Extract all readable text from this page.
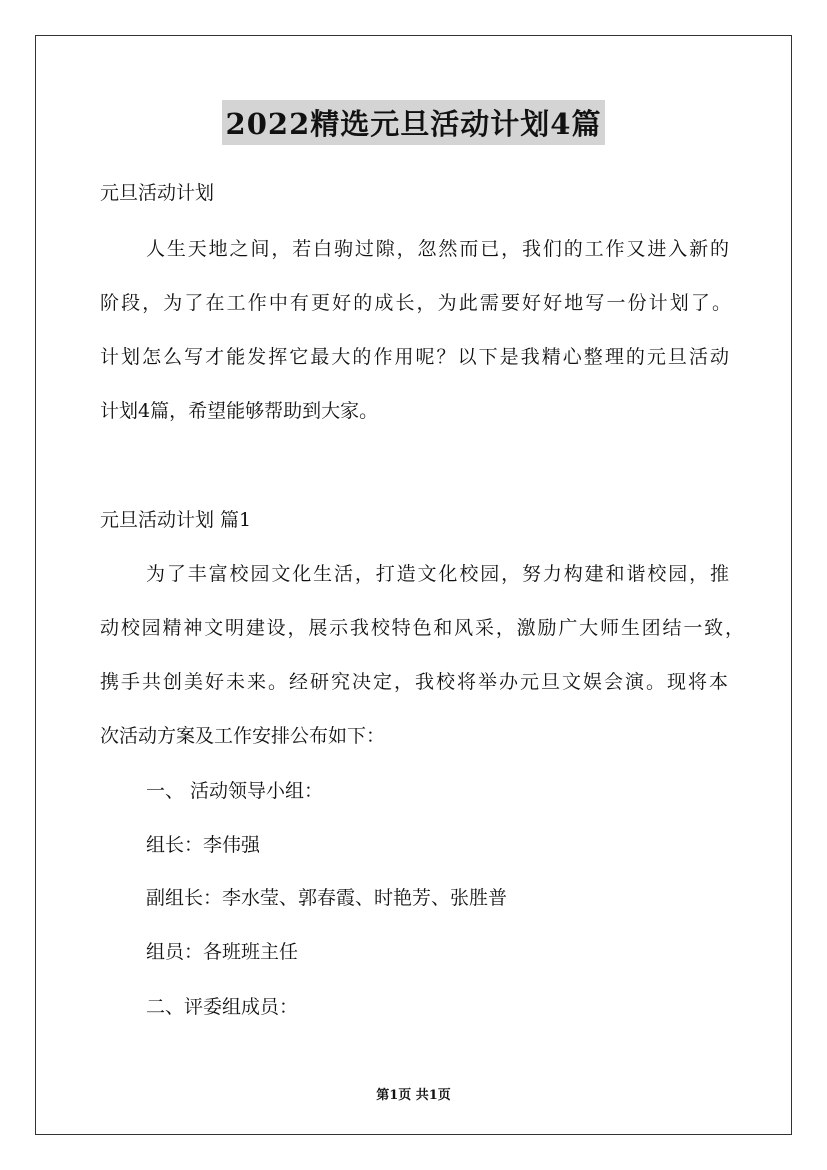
2022精选元旦活动计划4篇
元旦活动计划
人生天地之间，若白驹过隙，忽然而已，我们的工作又进入新的
阶段，为了在工作中有更好的成长，为此需要好好地写一份计划了。
计划怎么写才能发挥它最大的作用呢？以下是我精心整理的元旦活动
计划4篇，希望能够帮助到大家。
元旦活动计划 篇1
为了丰富校园文化生活，打造文化校园，努力构建和谐校园，推
动校园精神文明建设，展示我校特色和风采，激励广大师生团结一致，
携手共创美好未来。经研究决定，我校将举办元旦文娱会演。现将本
次活动方案及工作安排公布如下：
一、 活动领导小组：
组长：李伟强
副组长：李水莹、郭春霞、时艳芳、张胜普
组员：各班班主任
二、评委组成员：
第1页 共1页
